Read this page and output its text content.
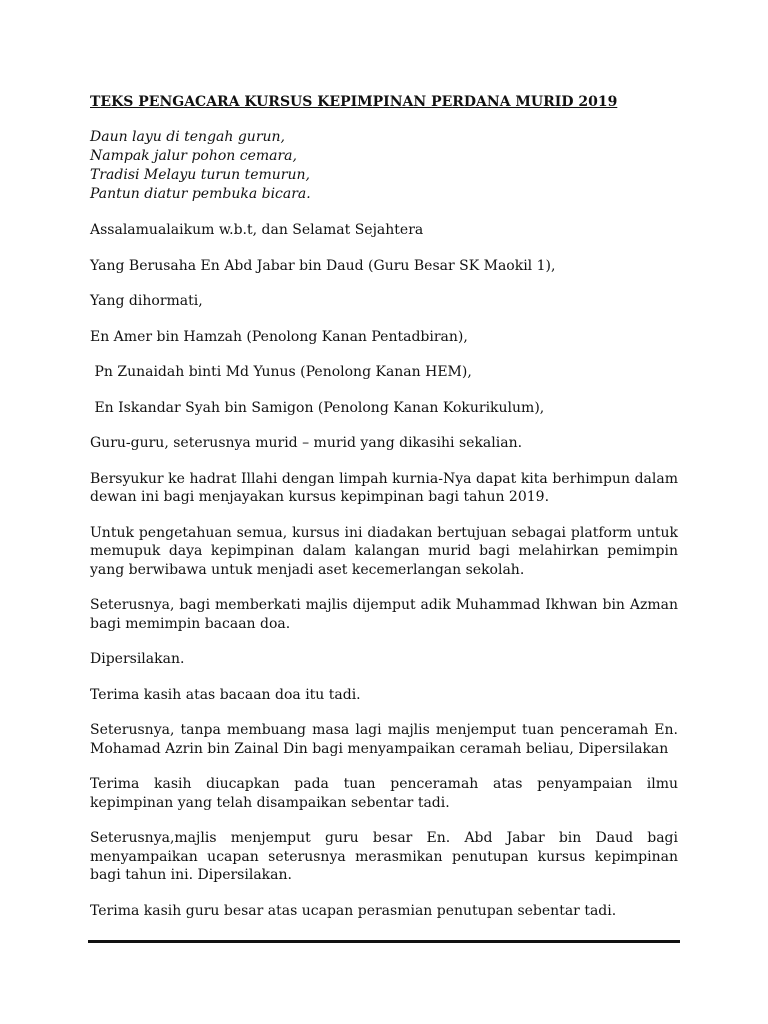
TEKS PENGACARA KURSUS KEPIMPINAN PERDANA MURID 2019
Daun layu di tengah gurun,
Nampak jalur pohon cemara,
Tradisi Melayu turun temurun,
Pantun diatur pembuka bicara.

Assalamualaikum w.b.t, dan Selamat Sejahtera

Yang Berusaha En Abd Jabar bin Daud (Guru Besar SK Maokil 1),

Yang dihormati,

En Amer bin Hamzah (Penolong Kanan Pentadbiran),

Pn Zunaidah binti Md Yunus (Penolong Kanan HEM),

En Iskandar Syah bin Samigon (Penolong Kanan Kokurikulum),

Guru-guru, seterusnya murid – murid yang dikasihi sekalian.

Bersyukur ke hadrat Illahi dengan limpah kurnia-Nya dapat kita berhimpun dalam dewan ini bagi menjayakan kursus kepimpinan bagi tahun 2019.

Untuk pengetahuan semua, kursus ini diadakan bertujuan sebagai platform untuk memupuk daya kepimpinan dalam kalangan murid bagi melahirkan pemimpin yang berwibawa untuk menjadi aset kecemerlangan sekolah.

Seterusnya, bagi memberkati majlis dijemput adik Muhammad Ikhwan bin Azman bagi memimpin bacaan doa.

Dipersilakan.

Terima kasih atas bacaan doa itu tadi.

Seterusnya, tanpa membuang masa lagi majlis menjemput tuan penceramah En. Mohamad Azrin bin Zainal Din bagi menyampaikan ceramah beliau, Dipersilakan

Terima kasih diucapkan pada tuan penceramah atas penyampaian ilmu kepimpinan yang telah disampaikan sebentar tadi.

Seterusnya,majlis menjemput guru besar En. Abd Jabar bin Daud bagi menyampaikan ucapan seterusnya merasmikan penutupan kursus kepimpinan bagi tahun ini. Dipersilakan.

Terima kasih guru besar atas ucapan perasmian penutupan sebentar tadi.
